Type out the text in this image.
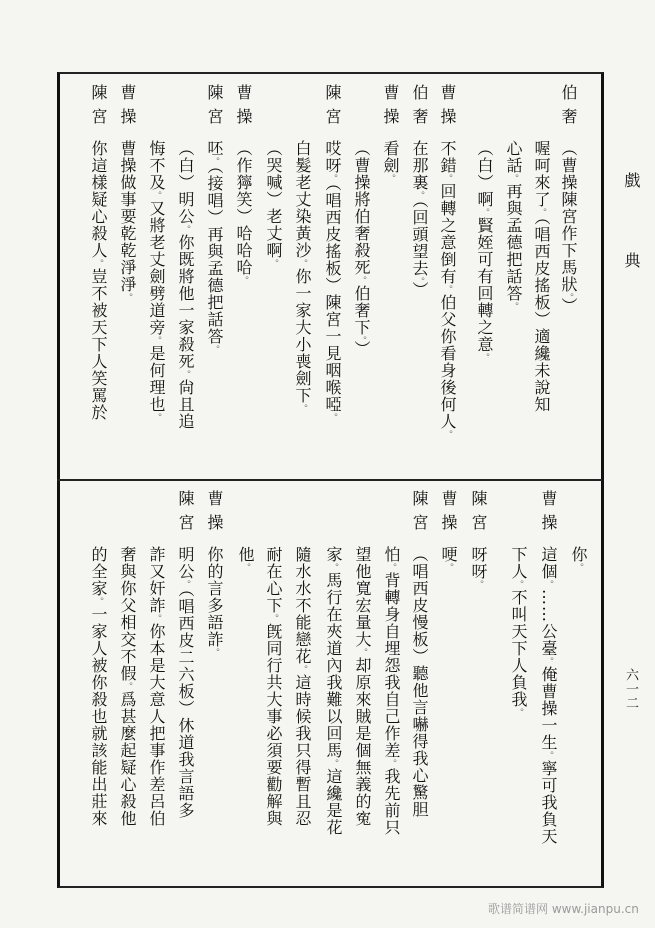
戲典
六一二
歌谱简谱网 www.jianpu.cn
伯奢
（曹操陳宮作下馬狀。）
喔呵來了。（唱西皮搖板）適纔未說知
心話。再與孟德把話答。
（白）啊。賢姪可有回轉之意。
曹操
不錯。回轉之意倒有。伯父你看身後何人。
伯奢
在那裏。（回頭望去。）
曹操
看劍。
（曹操將伯奢殺死。伯奢下。）
陳宮
哎呀。（唱西皮搖板）陳宮一見咽喉啞。
白髮老丈染黃沙。你一家大小喪劍下。
（哭喊）老丈啊。
曹操
（作獰笑）哈哈哈。
陳宮
呸。（接唱）再與孟德把話答。
（白）明公。你既將他一家殺死。尙且追
悔不及。又將老丈劍劈道旁。是何理也。
曹操
曹操做事要乾乾淨淨。
陳宮
你這樣疑心殺人。豈不被天下人笑罵於
你。
曹操
這個。……公臺。俺曹操一生。寧可我負天
下人。不叫天下人負我。
陳宮
呀呀。
曹操
哽。
陳宮
（唱西皮慢板）聽他言嚇得我心驚胆
怕。背轉身自埋怨我自己作差。我先前只
望他寬宏量大。却原來賊是個無義的寃
家。馬行在夾道內我難以回馬。這纔是花
隨水水不能戀花。這時候我只得暫且忍
耐在心下。旣同行共大事必須要勸解與
他。
曹操
你的言多語詐。
陳宮
明公。（唱西皮二六板）休道我言語多
詐又奸詐。你本是大意人把事作差呂伯
奢與你父相交不假。爲甚麼起疑心殺他
的全家。一家人被你殺也就該能出莊來
